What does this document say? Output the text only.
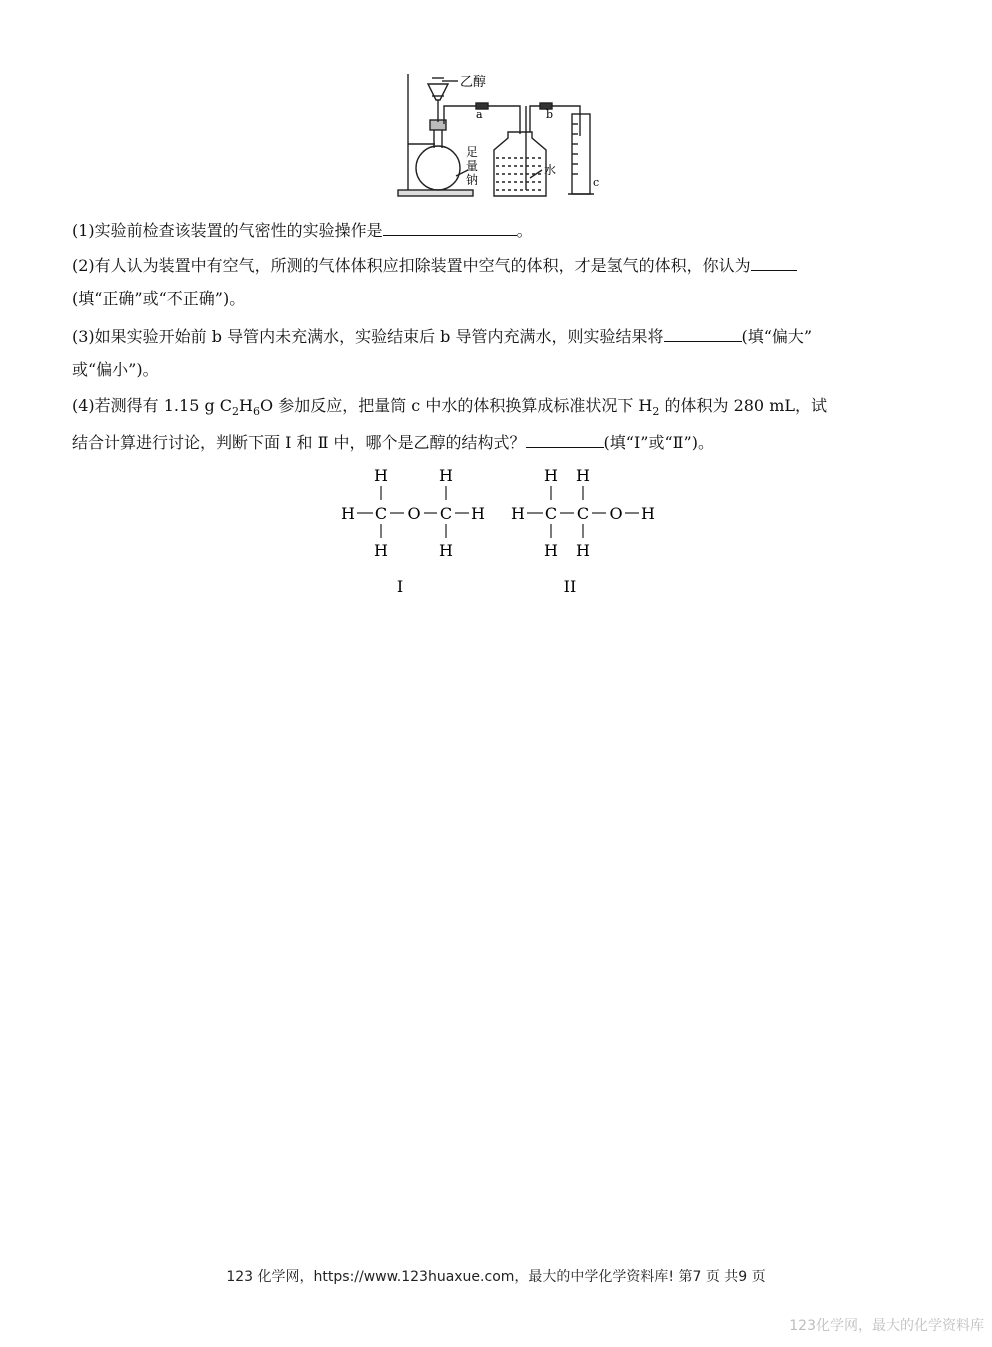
乙醇
a	b
c
足
量
钠
水
(1)实验前检查该装置的气密性的实验操作是	。
(2)有人认为装置中有空气，所测的气体体积应扣除装置中空气的体积，才是氢气的体积，你认为
(填“正确”或“不正确”)。
(3)如果实验开始前 b 导管内未充满水，实验结束后 b 导管内充满水，则实验结果将	(填“偏大”
或“偏小”)。
(4)若测得有 1.15 g $C_2H_6O$ 参加反应，把量筒 c 中水的体积换算成标准状况下 $H_2$ 的体积为 280 mL，试
结合计算进行讨论，判断下面 Ⅰ 和 Ⅱ 中，哪个是乙醇的结构式？	(填“Ⅰ”或“Ⅱ”)。
H	H
H C O C H
H	H
I
H H
H C C O H
H H
II
123 化学网，https://www.123huaxue.com，最大的中学化学资料库! 第7 页 共9 页
123化学网，最大的化学资料库
